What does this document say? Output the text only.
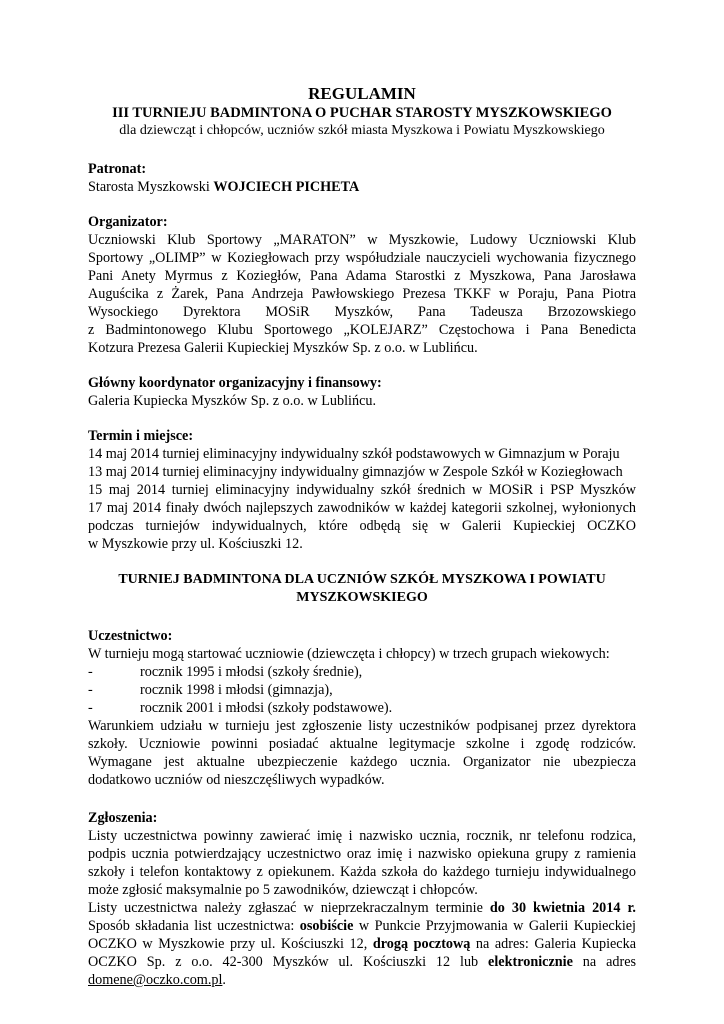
REGULAMIN
III TURNIEJU BADMINTONA O PUCHAR STAROSTY MYSZKOWSKIEGO
dla dziewcząt i chłopców, uczniów szkół miasta Myszkowa i Powiatu Myszkowskiego
Patronat:
Starosta Myszkowski WOJCIECH PICHETA
Organizator:
Uczniowski Klub Sportowy „MARATON” w Myszkowie, Ludowy Uczniowski Klub
Sportowy „OLIMP” w Koziegłowach przy współudziale nauczycieli wychowania fizycznego
Pani Anety Myrmus z Koziegłów, Pana Adama Starostki z Myszkowa, Pana Jarosława
Auguścika z Żarek, Pana Andrzeja Pawłowskiego Prezesa TKKF w Poraju, Pana Piotra
Wysockiego Dyrektora MOSiR Myszków, Pana Tadeusza Brzozowskiego
z Badmintonowego Klubu Sportowego „KOLEJARZ” Częstochowa i Pana Benedicta
Kotzura Prezesa Galerii Kupieckiej Myszków Sp. z o.o. w Lublińcu.
Główny koordynator organizacyjny i finansowy:
Galeria Kupiecka Myszków Sp. z o.o. w Lublińcu.
Termin i miejsce:
14 maj 2014 turniej eliminacyjny indywidualny szkół podstawowych w Gimnazjum w Poraju
13 maj 2014 turniej eliminacyjny indywidualny gimnazjów w Zespole Szkół w Koziegłowach
15 maj 2014 turniej eliminacyjny indywidualny szkół średnich w MOSiR i PSP Myszków
17 maj 2014 finały dwóch najlepszych zawodników w każdej kategorii szkolnej, wyłonionych
podczas turniejów indywidualnych, które odbędą się w Galerii Kupieckiej OCZKO
w Myszkowie przy ul. Kościuszki 12.
TURNIEJ BADMINTONA DLA UCZNIÓW SZKÓŁ MYSZKOWA I POWIATU
MYSZKOWSKIEGO
Uczestnictwo:
W turnieju mogą startować uczniowie (dziewczęta i chłopcy) w trzech grupach wiekowych:
-	rocznik 1995 i młodsi (szkoły średnie),
-	rocznik 1998 i młodsi (gimnazja),
-	rocznik 2001 i młodsi (szkoły podstawowe).
Warunkiem udziału w turnieju jest zgłoszenie listy uczestników podpisanej przez dyrektora
szkoły. Uczniowie powinni posiadać aktualne legitymacje szkolne i zgodę rodziców.
Wymagane jest aktualne ubezpieczenie każdego ucznia. Organizator nie ubezpiecza
dodatkowo uczniów od nieszczęśliwych wypadków.
Zgłoszenia:
Listy uczestnictwa powinny zawierać imię i nazwisko ucznia, rocznik, nr telefonu rodzica,
podpis ucznia potwierdzający uczestnictwo oraz imię i nazwisko opiekuna grupy z ramienia
szkoły i telefon kontaktowy z opiekunem. Każda szkoła do każdego turnieju indywidualnego
może zgłosić maksymalnie po 5 zawodników, dziewcząt i chłopców.
Listy uczestnictwa należy zgłaszać w nieprzekraczalnym terminie do 30 kwietnia 2014 r.
Sposób składania list uczestnictwa: osobiście w Punkcie Przyjmowania w Galerii Kupieckiej
OCZKO w Myszkowie przy ul. Kościuszki 12, drogą pocztową na adres: Galeria Kupiecka
OCZKO Sp. z o.o. 42-300 Myszków ul. Kościuszki 12 lub elektronicznie na adres
domene@oczko.com.pl.
